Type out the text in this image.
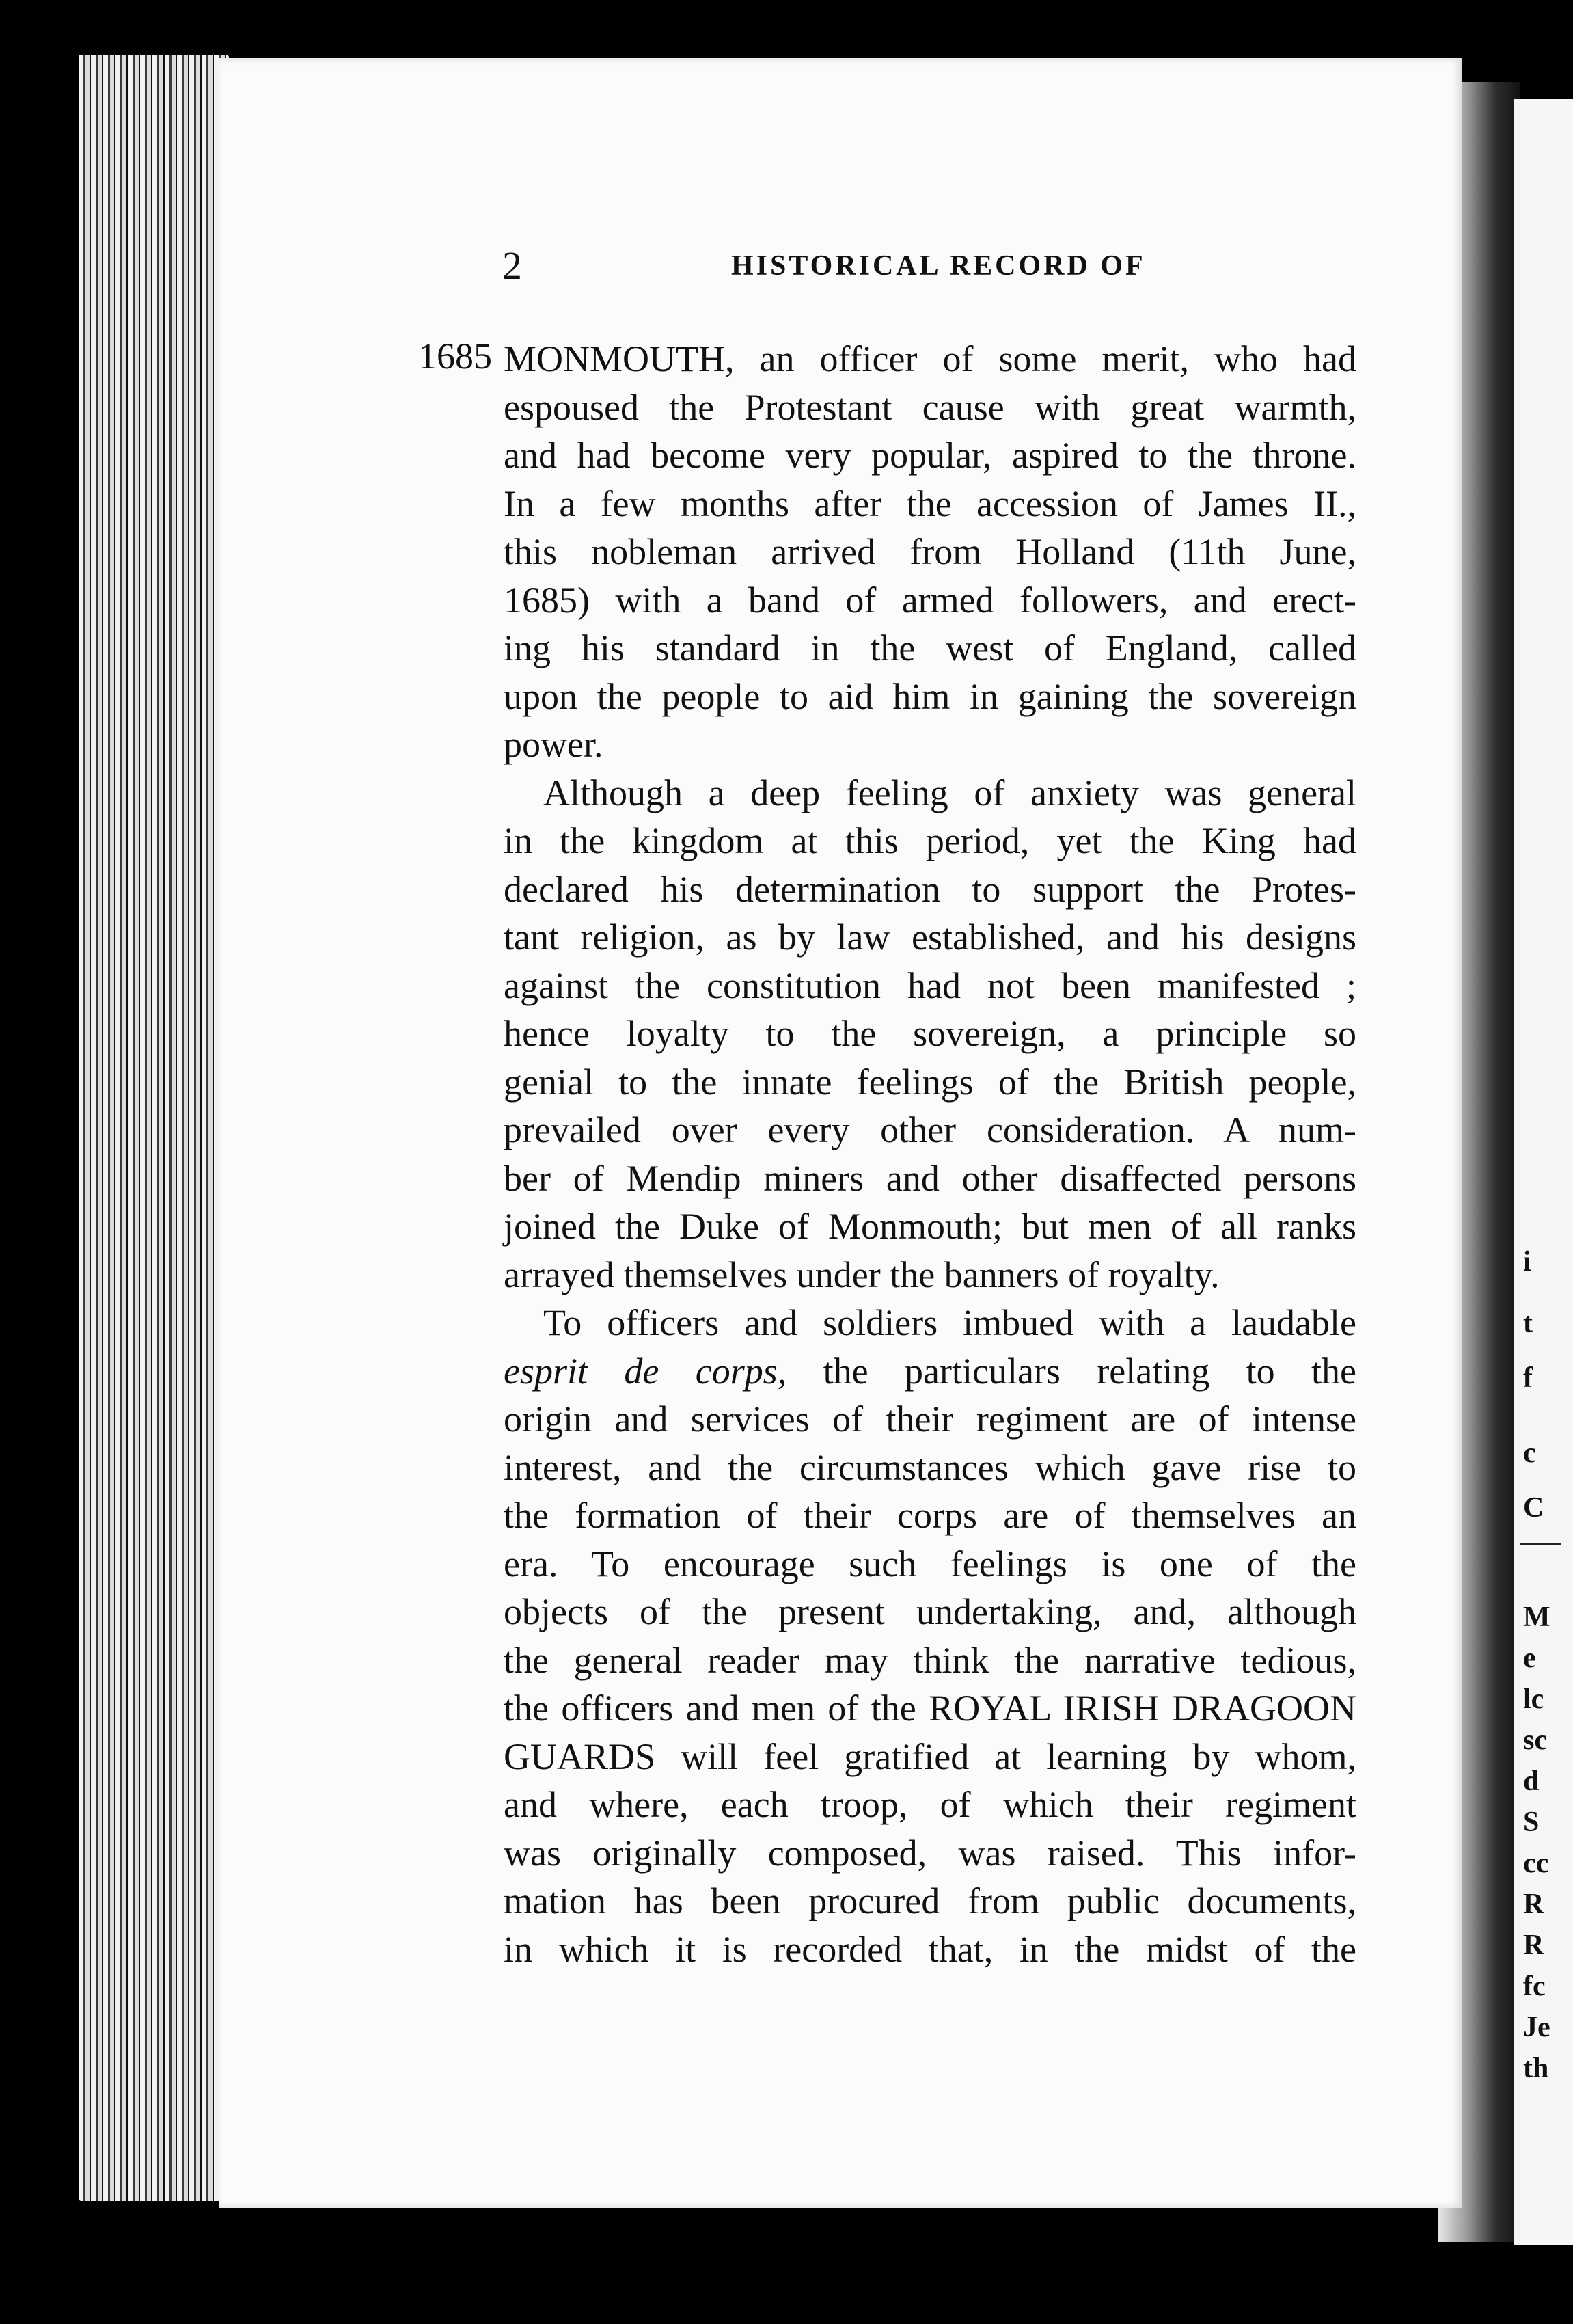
i
t
f
c
C
M
e
lc
sc
d
S
cc
R
R
fc
Je
th
2	HISTORICAL RECORD OF
1685 MONMOUTH, an officer of some merit, who had
espoused the Protestant cause with great warmth,
and had become very popular, aspired to the throne.
In a few months after the accession of James II.,
this nobleman arrived from Holland (11th June,
1685) with a band of armed followers, and erect-
ing his standard in the west of England, called
upon the people to aid him in gaining the sovereign
power.

Although a deep feeling of anxiety was general
in the kingdom at this period, yet the King had
declared his determination to support the Protes-
tant religion, as by law established, and his designs
against the constitution had not been manifested ;
hence loyalty to the sovereign, a principle so
genial to the innate feelings of the British people,
prevailed over every other consideration. A num-
ber of Mendip miners and other disaffected persons
joined the Duke of Monmouth; but men of all ranks
arrayed themselves under the banners of royalty.

To officers and soldiers imbued with a laudable
esprit de corps, the particulars relating to the
origin and services of their regiment are of intense
interest, and the circumstances which gave rise to
the formation of their corps are of themselves an
era. To encourage such feelings is one of the
objects of the present undertaking, and, although
the general reader may think the narrative tedious,
the officers and men of the ROYAL IRISH DRAGOON
GUARDS will feel gratified at learning by whom,
and where, each troop, of which their regiment
was originally composed, was raised. This infor-
mation has been procured from public documents,
in which it is recorded that, in the midst of the
